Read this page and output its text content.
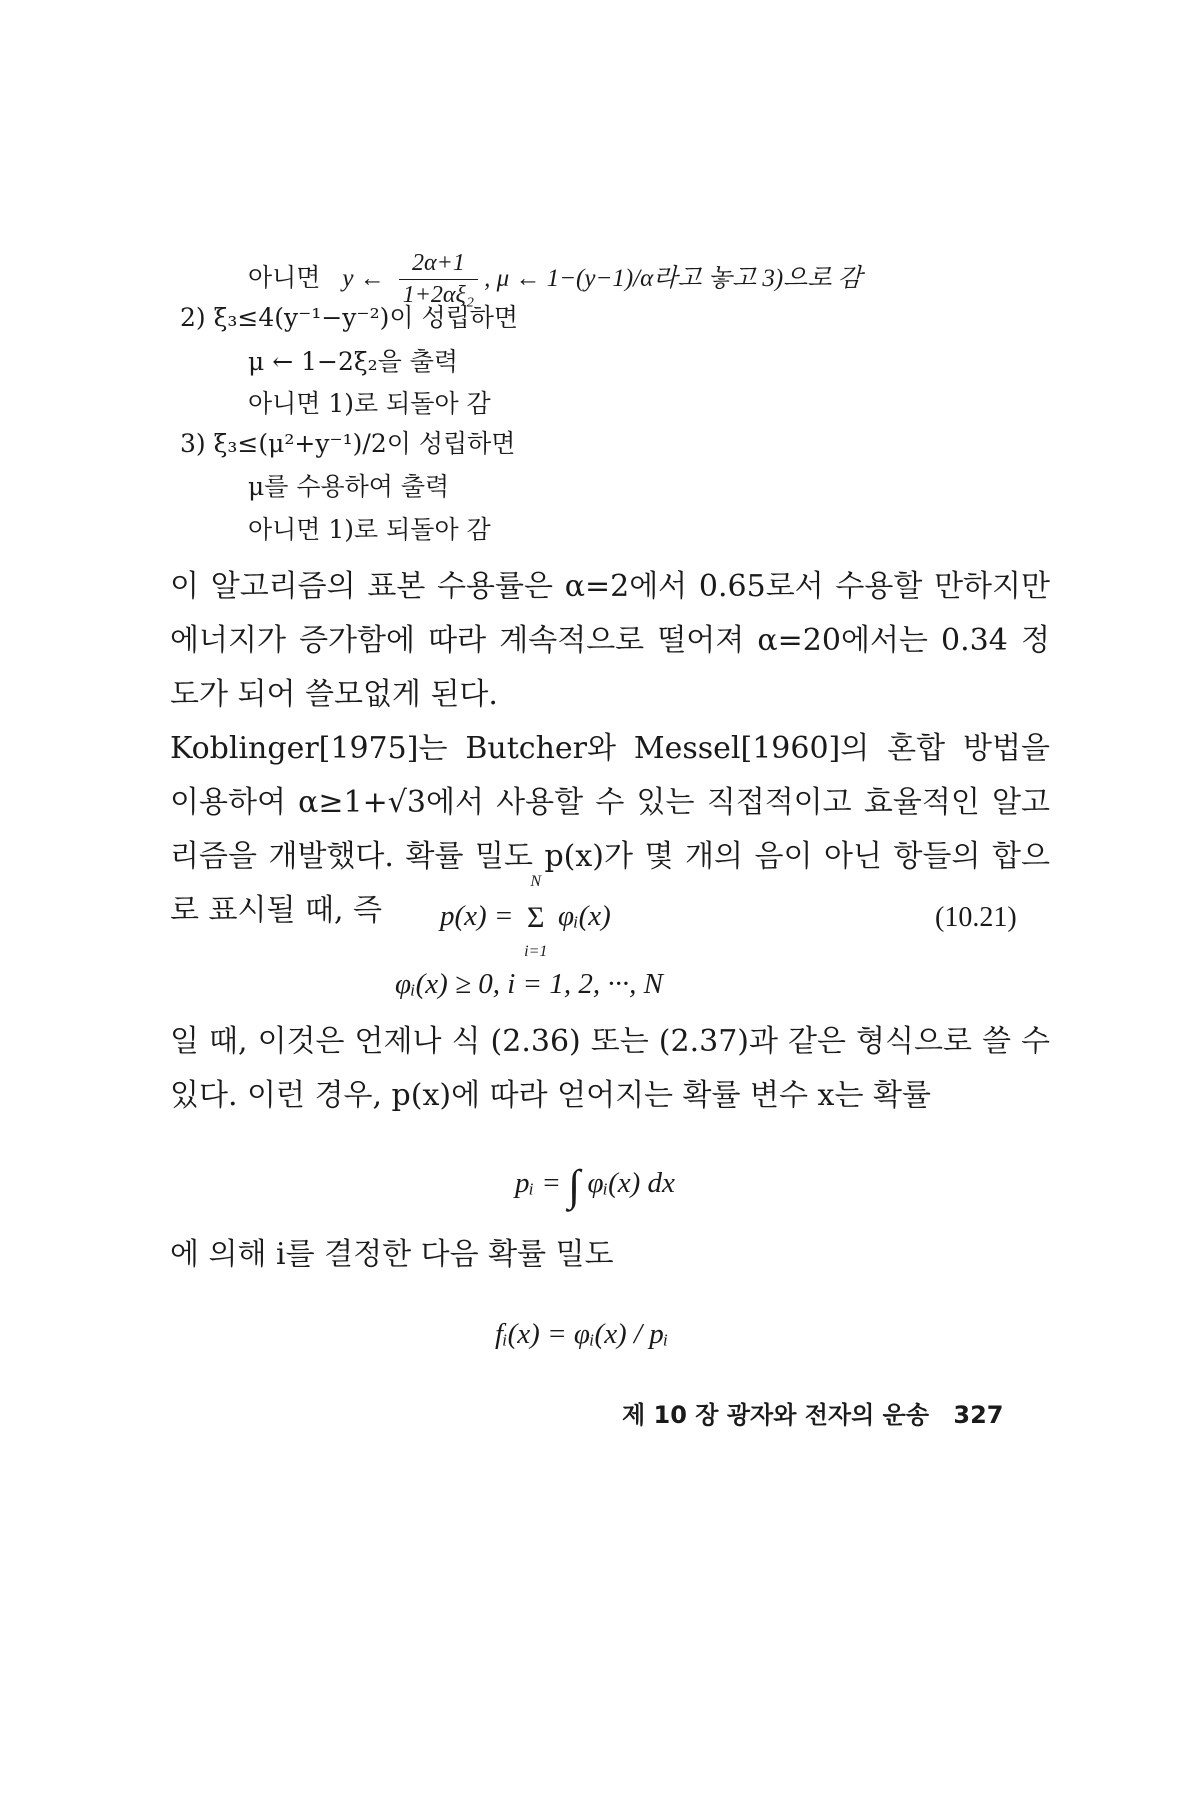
아니면 y ← $\frac{2\alpha+1}{\text{1+2αξ₂}}$ , μ ← 1−(y−1)/α라고 놓고 3)으로 감
2) ξ₃≤4(y⁻¹−y⁻²)이 성립하면
μ ← 1−2ξ₂을 출력
아니면 1)로 되돌아 감
3) ξ₃≤(μ²+y⁻¹)/2이 성립하면
μ를 수용하여 출력
아니면 1)로 되돌아 감

이 알고리즘의 표본 수용률은 α=2에서 0.65로서 수용할 만하지만 에너지가 증가함에 따라 계속적으로 떨어져 α=20에서는 0.34 정도가 되어 쓸모없게 된다.

Koblinger[1975]는 Butcher와 Messel[1960]의 혼합 방법을 이용하여 α≥1+√3에서 사용할 수 있는 직접적이고 효율적인 알고리즘을 개발했다. 확률 밀도 p(x)가 몇 개의 음이 아닌 항들의 합으로 표시될 때, 즉	p(x) =
N
Σ
i=1
φᵢ(x)	(10.21)
φᵢ(x) ≥ 0, i = 1, 2, ···, N

일 때, 이것은 언제나 식 (2.36) 또는 (2.37)과 같은 형식으로 쓸 수 있다. 이런 경우, p(x)에 따라 얻어지는 확률 변수 x는 확률

pᵢ = ∫ φᵢ(x) dx

에 의해 i를 결정한 다음 확률 밀도

fᵢ(x) = φᵢ(x) / pᵢ
제 10 장 광자와 전자의 운송 327
